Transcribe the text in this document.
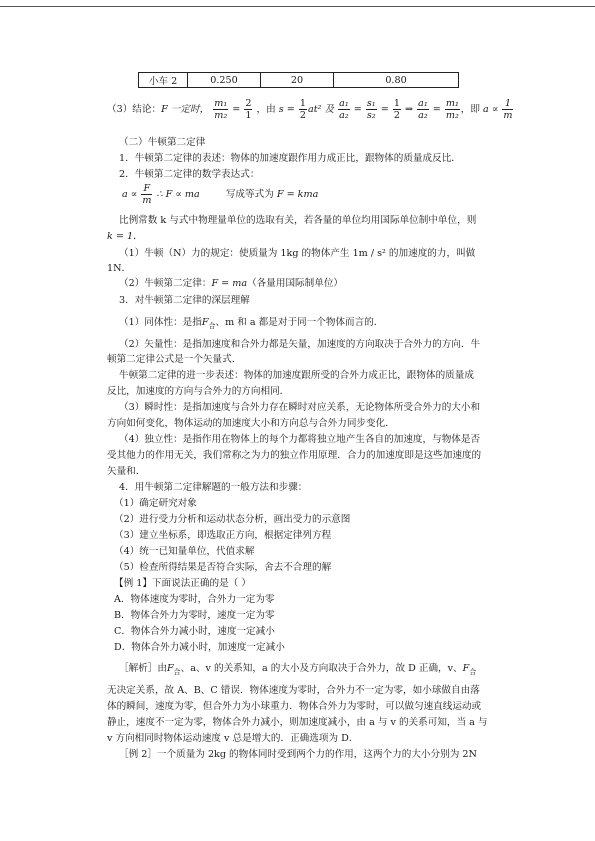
小车 2	0.250	20	0.80
（3）结论：F 一定时， $\frac{\text{m₁}}{\text{m₂}} = \frac{2}{1}$ ，由 $s = \frac{1}{2} at^2$ 及 $\frac{\text{a₁}}{\text{a₂}} = \frac{\text{s₁}}{\text{s₂}} = \frac{1}{2}$ ⇒ $\frac{\text{a₁}}{\text{a₂}} = \frac{\text{m₁}}{\text{m₂}}$ ，即 $a \propto \frac{1}{m}$
（二）牛顿第二定律
1．牛顿第二定律的表述：物体的加速度跟作用力成正比，跟物体的质量成反比．
2．牛顿第二定律的数学表达式：
$a \propto \frac{F}{m}$ ∴ F ∝ ma	写成等式为 F = kma
比例常数 k 与式中物理量单位的选取有关，若各量的单位均用国际单位制中单位，则
k = 1．
（1）牛顿（N）力的规定：使质量为 1kg 的物体产生 1m / s² 的加速度的力，叫做
1N．
（2）牛顿第二定律：F = ma（各量用国际制单位）
3．对牛顿第二定律的深层理解
（1）同体性：是指$F_合$、m 和 a 都是对于同一个物体而言的．
（2）矢量性：是指加速度和合外力都是矢量，加速度的方向取决于合外力的方向．牛
顿第二定律公式是一个矢量式．
牛顿第二定律的进一步表述：物体的加速度跟所受的合外力成正比，跟物体的质量成
反比，加速度的方向与合外力的方向相同．
（3）瞬时性：是指加速度与合外力存在瞬时对应关系，无论物体所受合外力的大小和
方向如何变化，物体运动的加速度大小和方向总与合外力同步变化．
（4）独立性：是指作用在物体上的每个力都将独立地产生各自的加速度，与物体是否
受其他力的作用无关，我们常称之为力的独立作用原理．合力的加速度即是这些加速度的
矢量和．
4．用牛顿第二定律解题的一般方法和步骤：
（1）确定研究对象
（2）进行受力分析和运动状态分析，画出受力的示意图
（3）建立坐标系，即选取正方向，根据定律列方程
（4）统一已知量单位，代值求解
（5）检查所得结果是否符合实际，舍去不合理的解
【例 1】下面说法正确的是（ ）
A．物体速度为零时，合外力一定为零
B．物体合外力为零时，速度一定为零
C．物体合外力减小时，速度一定减小
D．物体合外力减小时，加速度一定减小
［解析］由$F_合$、a、v 的关系知，a 的大小及方向取决于合外力，故 D 正确，v、$F_合$
无决定关系，故 A、B、C 错误．物体速度为零时，合外力不一定为零，如小球做自由落
体的瞬间，速度为零，但合外力为小球重力．物体合外力为零时，可以做匀速直线运动或
静止，速度不一定为零，物体合外力减小，则加速度减小，由 a 与 v 的关系可知，当 a 与
v 方向相同时物体运动速度 v 总是增大的．正确选项为 D．
［例 2］一个质量为 2kg 的物体同时受到两个力的作用，这两个力的大小分别为 2N
